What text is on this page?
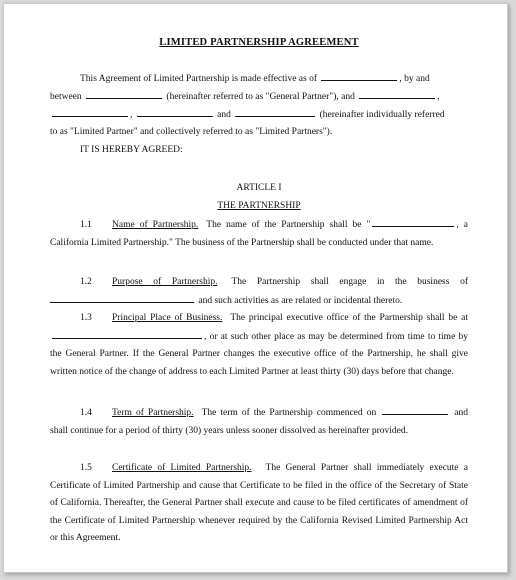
LIMITED PARTNERSHIP AGREEMENT
This Agreement of Limited Partnership is made effective as of	, by and
between	(hereinafter referred to as "General Partner"), and	,
,	and	(hereinafter individually referred
to as "Limited Partner" and collectively referred to as "Limited Partners").
IT IS HEREBY AGREED:
ARTICLE I
THE PARTNERSHIP
1.1 Name of Partnership. The name of the Partnership shall be "	, a California Limited Partnership." The business of the Partnership shall be conducted under that name.
1.2 Purpose of Partnership. The Partnership shall engage in the business of  and such activities as are related or incidental thereto.
1.3 Principal Place of Business. The principal executive office of the Partnership shall be at , or at such other place as may be determined from time to time by the General Partner. If the General Partner changes the executive office of the Partnership, he shall give written notice of the change of address to each Limited Partner at least thirty (30) days before that change.
1.4 Term of Partnership. The term of the Partnership commenced on	and shall continue for a period of thirty (30) years unless sooner dissolved as hereinafter provided.
1.5 Certificate of Limited Partnership. The General Partner shall immediately execute a Certificate of Limited Partnership and cause that Certificate to be filed in the office of the Secretary of State of California. Thereafter, the General Partner shall execute and cause to be filed certificates of amendment of the Certificate of Limited Partnership whenever required by the California Revised Limited Partnership Act or this Agreement.
